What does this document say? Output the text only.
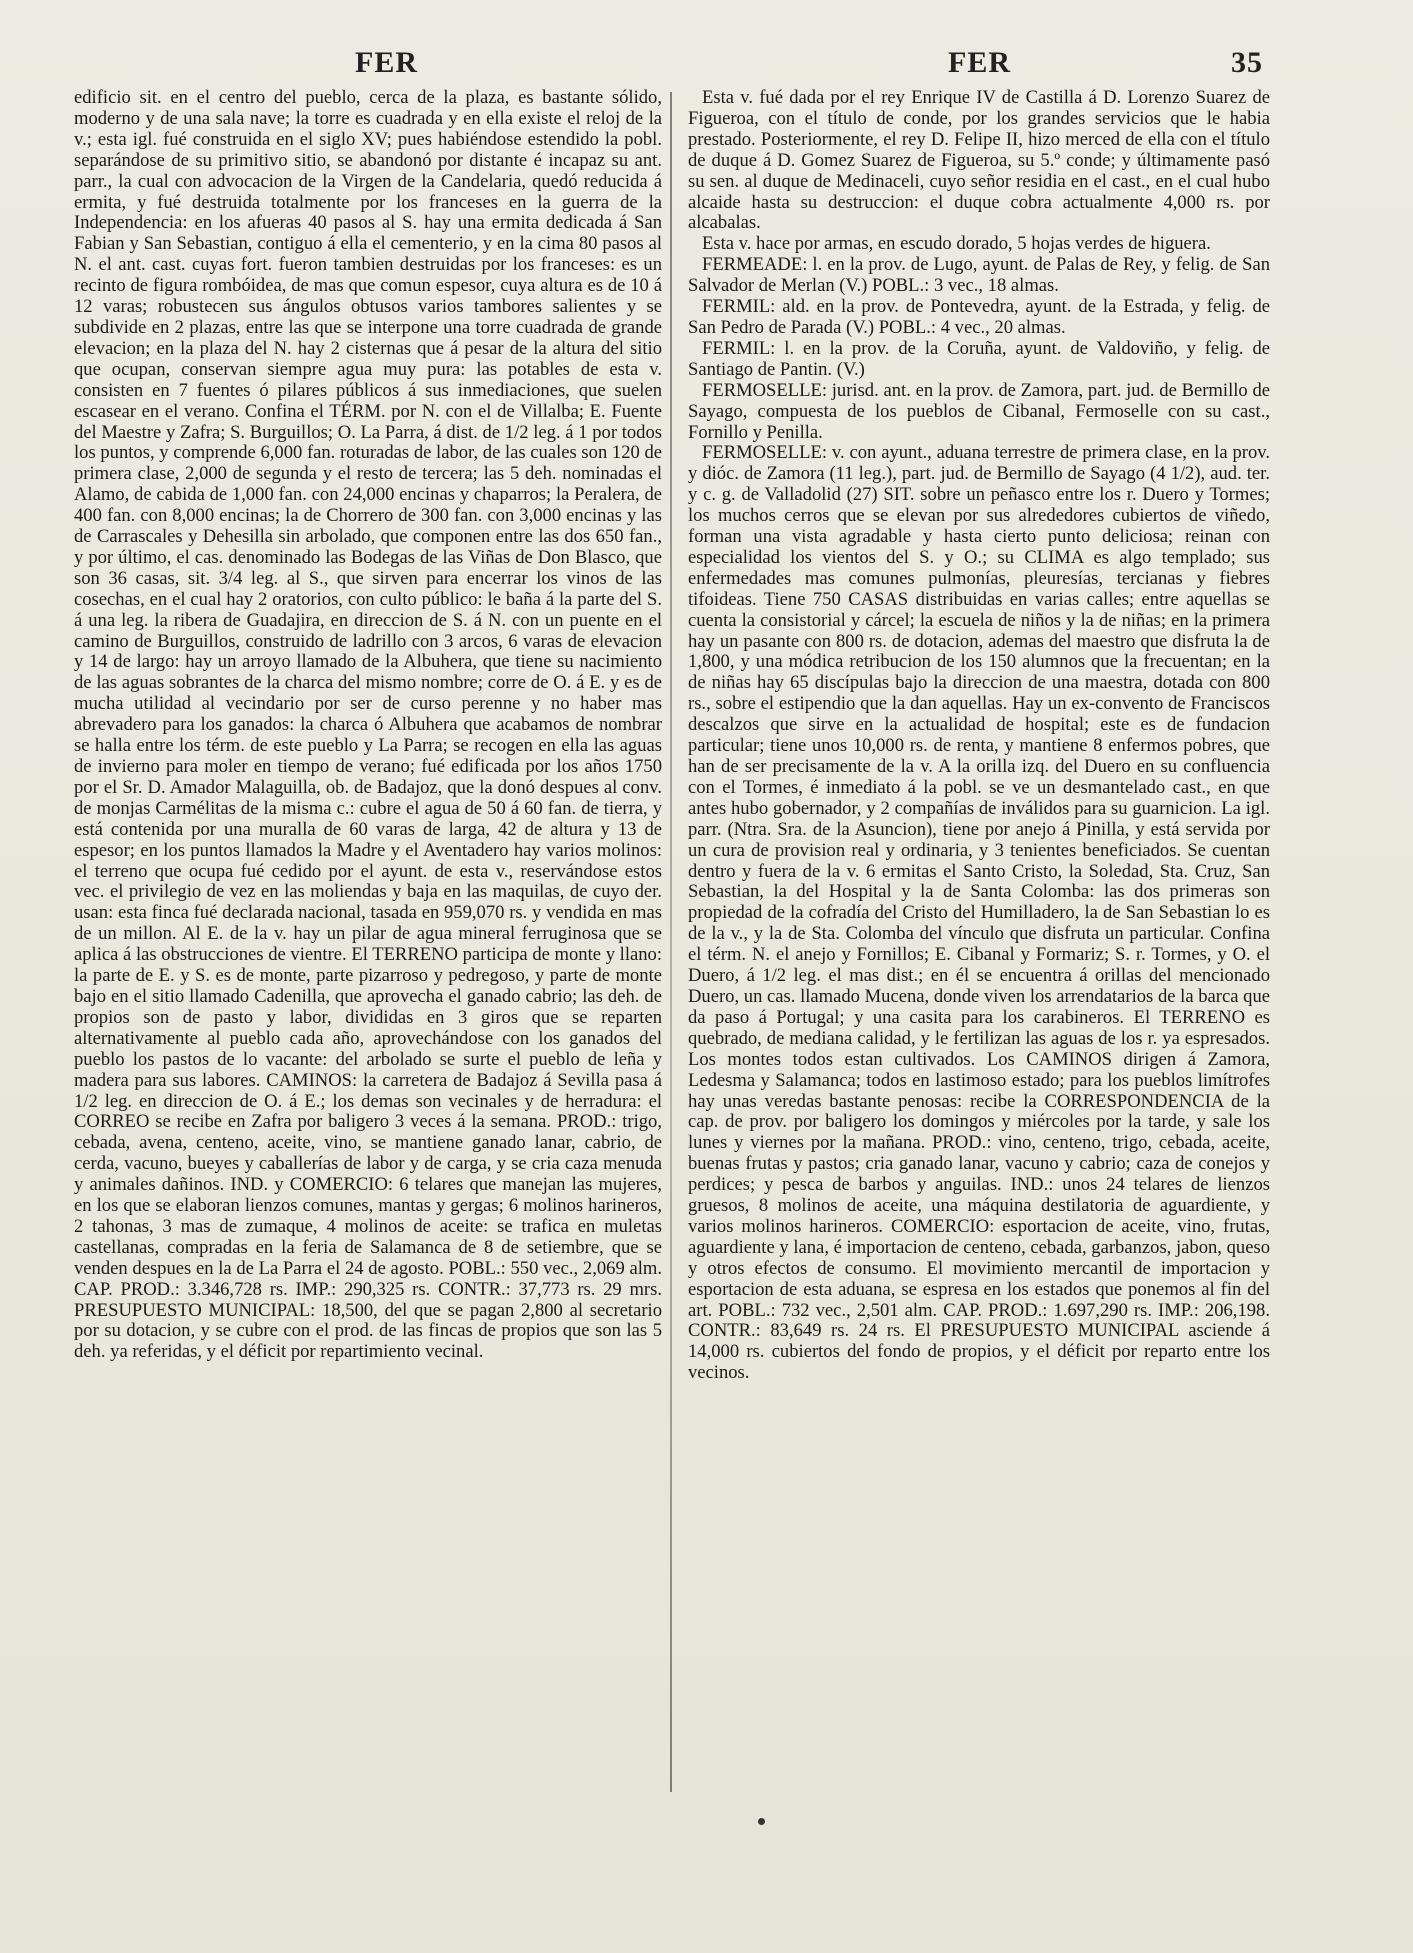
FER	FER	35

edificio sit. en el centro del pueblo, cerca de la plaza, es bastante sólido, moderno y de una sala nave; la torre es cuadrada y en ella existe el reloj de la v.; esta igl. fué construida en el siglo XV; pues habiéndose estendido la pobl. separándose de su primitivo sitio, se abandonó por distante é incapaz su ant. parr., la cual con advocacion de la Virgen de la Candelaria, quedó reducida á ermita, y fué destruida totalmente por los franceses en la guerra de la Independencia: en los afueras 40 pasos al S. hay una ermita dedicada á San Fabian y San Sebastian, contiguo á ella el cementerio, y en la cima 80 pasos al N. el ant. cast. cuyas fort. fueron tambien destruidas por los franceses: es un recinto de figura rombóidea, de mas que comun espesor, cuya altura es de 10 á 12 varas; robustecen sus ángulos obtusos varios tambores salientes y se subdivide en 2 plazas, entre las que se interpone una torre cuadrada de grande elevacion; en la plaza del N. hay 2 cisternas que á pesar de la altura del sitio que ocupan, conservan siempre agua muy pura: las potables de esta v. consisten en 7 fuentes ó pilares públicos á sus inmediaciones, que suelen escasear en el verano. Confina el TÉRM. por N. con el de Villalba; E. Fuente del Maestre y Zafra; S. Burguillos; O. La Parra, á dist. de 1/2 leg. á 1 por todos los puntos, y comprende 6,000 fan. roturadas de labor, de las cuales son 120 de primera clase, 2,000 de segunda y el resto de tercera; las 5 deh. nominadas el Alamo, de cabida de 1,000 fan. con 24,000 encinas y chaparros; la Peralera, de 400 fan. con 8,000 encinas; la de Chorrero de 300 fan. con 3,000 encinas y las de Carrascales y Dehesilla sin arbolado, que componen entre las dos 650 fan., y por último, el cas. denominado las Bodegas de las Viñas de Don Blasco, que son 36 casas, sit. 3/4 leg. al S., que sirven para encerrar los vinos de las cosechas, en el cual hay 2 oratorios, con culto público: le baña á la parte del S. á una leg. la ribera de Guadajira, en direccion de S. á N. con un puente en el camino de Burguillos, construido de ladrillo con 3 arcos, 6 varas de elevacion y 14 de largo: hay un arroyo llamado de la Albuhera, que tiene su nacimiento de las aguas sobrantes de la charca del mismo nombre; corre de O. á E. y es de mucha utilidad al vecindario por ser de curso perenne y no haber mas abrevadero para los ganados: la charca ó Albuhera que acabamos de nombrar se halla entre los térm. de este pueblo y La Parra; se recogen en ella las aguas de invierno para moler en tiempo de verano; fué edificada por los años 1750 por el Sr. D. Amador Malaguilla, ob. de Badajoz, que la donó despues al conv. de monjas Carmélitas de la misma c.: cubre el agua de 50 á 60 fan. de tierra, y está contenida por una muralla de 60 varas de larga, 42 de altura y 13 de espesor; en los puntos llamados la Madre y el Aventadero hay varios molinos: el terreno que ocupa fué cedido por el ayunt. de esta v., reservándose estos vec. el privilegio de vez en las moliendas y baja en las maquilas, de cuyo der. usan: esta finca fué declarada nacional, tasada en 959,070 rs. y vendida en mas de un millon. Al E. de la v. hay un pilar de agua mineral ferruginosa que se aplica á las obstrucciones de vientre. El TERRENO participa de monte y llano: la parte de E. y S. es de monte, parte pizarroso y pedregoso, y parte de monte bajo en el sitio llamado Cadenilla, que aprovecha el ganado cabrio; las deh. de propios son de pasto y labor, divididas en 3 giros que se reparten alternativamente al pueblo cada año, aprovechándose con los ganados del pueblo los pastos de lo vacante: del arbolado se surte el pueblo de leña y madera para sus labores. CAMINOS: la carretera de Badajoz á Sevilla pasa á 1/2 leg. en direccion de O. á E.; los demas son vecinales y de herradura: el CORREO se recibe en Zafra por baligero 3 veces á la semana. PROD.: trigo, cebada, avena, centeno, aceite, vino, se mantiene ganado lanar, cabrio, de cerda, vacuno, bueyes y caballerías de labor y de carga, y se cria caza menuda y animales dañinos. IND. y COMERCIO: 6 telares que manejan las mujeres, en los que se elaboran lienzos comunes, mantas y gergas; 6 molinos harineros, 2 tahonas, 3 mas de zumaque, 4 molinos de aceite: se trafica en muletas castellanas, compradas en la feria de Salamanca de 8 de setiembre, que se venden despues en la de La Parra el 24 de agosto. POBL.: 550 vec., 2,069 alm. CAP. PROD.: 3.346,728 rs. IMP.: 290,325 rs. CONTR.: 37,773 rs. 29 mrs. PRESUPUESTO MUNICIPAL: 18,500, del que se pagan 2,800 al secretario por su dotacion, y se cubre con el prod. de las fincas de propios que son las 5 deh. ya referidas, y el déficit por repartimiento vecinal.

Esta v. fué dada por el rey Enrique IV de Castilla á D. Lorenzo Suarez de Figueroa, con el título de conde, por los grandes servicios que le habia prestado. Posteriormente, el rey D. Felipe II, hizo merced de ella con el título de duque á D. Gomez Suarez de Figueroa, su 5.º conde; y últimamente pasó su sen. al duque de Medinaceli, cuyo señor residia en el cast., en el cual hubo alcaide hasta su destruccion: el duque cobra actualmente 4,000 rs. por alcabalas.

Esta v. hace por armas, en escudo dorado, 5 hojas verdes de higuera.

FERMEADE: l. en la prov. de Lugo, ayunt. de Palas de Rey, y felig. de San Salvador de Merlan (V.) POBL.: 3 vec., 18 almas.

FERMIL: ald. en la prov. de Pontevedra, ayunt. de la Estrada, y felig. de San Pedro de Parada (V.) POBL.: 4 vec., 20 almas.

FERMIL: l. en la prov. de la Coruña, ayunt. de Valdoviño, y felig. de Santiago de Pantin. (V.)

FERMOSELLE: jurisd. ant. en la prov. de Zamora, part. jud. de Bermillo de Sayago, compuesta de los pueblos de Cibanal, Fermoselle con su cast., Fornillo y Penilla.

FERMOSELLE: v. con ayunt., aduana terrestre de primera clase, en la prov. y dióc. de Zamora (11 leg.), part. jud. de Bermillo de Sayago (4 1/2), aud. ter. y c. g. de Valladolid (27) SIT. sobre un peñasco entre los r. Duero y Tormes; los muchos cerros que se elevan por sus alrededores cubiertos de viñedo, forman una vista agradable y hasta cierto punto deliciosa; reinan con especialidad los vientos del S. y O.; su CLIMA es algo templado; sus enfermedades mas comunes pulmonías, pleuresías, tercianas y fiebres tifoideas. Tiene 750 CASAS distribuidas en varias calles; entre aquellas se cuenta la consistorial y cárcel; la escuela de niños y la de niñas; en la primera hay un pasante con 800 rs. de dotacion, ademas del maestro que disfruta la de 1,800, y una módica retribucion de los 150 alumnos que la frecuentan; en la de niñas hay 65 discípulas bajo la direccion de una maestra, dotada con 800 rs., sobre el estipendio que la dan aquellas. Hay un ex-convento de Franciscos descalzos que sirve en la actualidad de hospital; este es de fundacion particular; tiene unos 10,000 rs. de renta, y mantiene 8 enfermos pobres, que han de ser precisamente de la v. A la orilla izq. del Duero en su confluencia con el Tormes, é inmediato á la pobl. se ve un desmantelado cast., en que antes hubo gobernador, y 2 compañías de inválidos para su guarnicion. La igl. parr. (Ntra. Sra. de la Asuncion), tiene por anejo á Pinilla, y está servida por un cura de provision real y ordinaria, y 3 tenientes beneficiados. Se cuentan dentro y fuera de la v. 6 ermitas el Santo Cristo, la Soledad, Sta. Cruz, San Sebastian, la del Hospital y la de Santa Colomba: las dos primeras son propiedad de la cofradía del Cristo del Humilladero, la de San Sebastian lo es de la v., y la de Sta. Colomba del vínculo que disfruta un particular. Confina el térm. N. el anejo y Fornillos; E. Cibanal y Formariz; S. r. Tormes, y O. el Duero, á 1/2 leg. el mas dist.; en él se encuentra á orillas del mencionado Duero, un cas. llamado Mucena, donde viven los arrendatarios de la barca que da paso á Portugal; y una casita para los carabineros. El TERRENO es quebrado, de mediana calidad, y le fertilizan las aguas de los r. ya espresados. Los montes todos estan cultivados. Los CAMINOS dirigen á Zamora, Ledesma y Salamanca; todos en lastimoso estado; para los pueblos limítrofes hay unas veredas bastante penosas: recibe la CORRESPONDENCIA de la cap. de prov. por baligero los domingos y miércoles por la tarde, y sale los lunes y viernes por la mañana. PROD.: vino, centeno, trigo, cebada, aceite, buenas frutas y pastos; cria ganado lanar, vacuno y cabrio; caza de conejos y perdices; y pesca de barbos y anguilas. IND.: unos 24 telares de lienzos gruesos, 8 molinos de aceite, una máquina destilatoria de aguardiente, y varios molinos harineros. COMERCIO: esportacion de aceite, vino, frutas, aguardiente y lana, é importacion de centeno, cebada, garbanzos, jabon, queso y otros efectos de consumo. El movimiento mercantil de importacion y esportacion de esta aduana, se espresa en los estados que ponemos al fin del art. POBL.: 732 vec., 2,501 alm. CAP. PROD.: 1.697,290 rs. IMP.: 206,198. CONTR.: 83,649 rs. 24 rs. El PRESUPUESTO MUNICIPAL asciende á 14,000 rs. cubiertos del fondo de propios, y el déficit por reparto entre los vecinos.
